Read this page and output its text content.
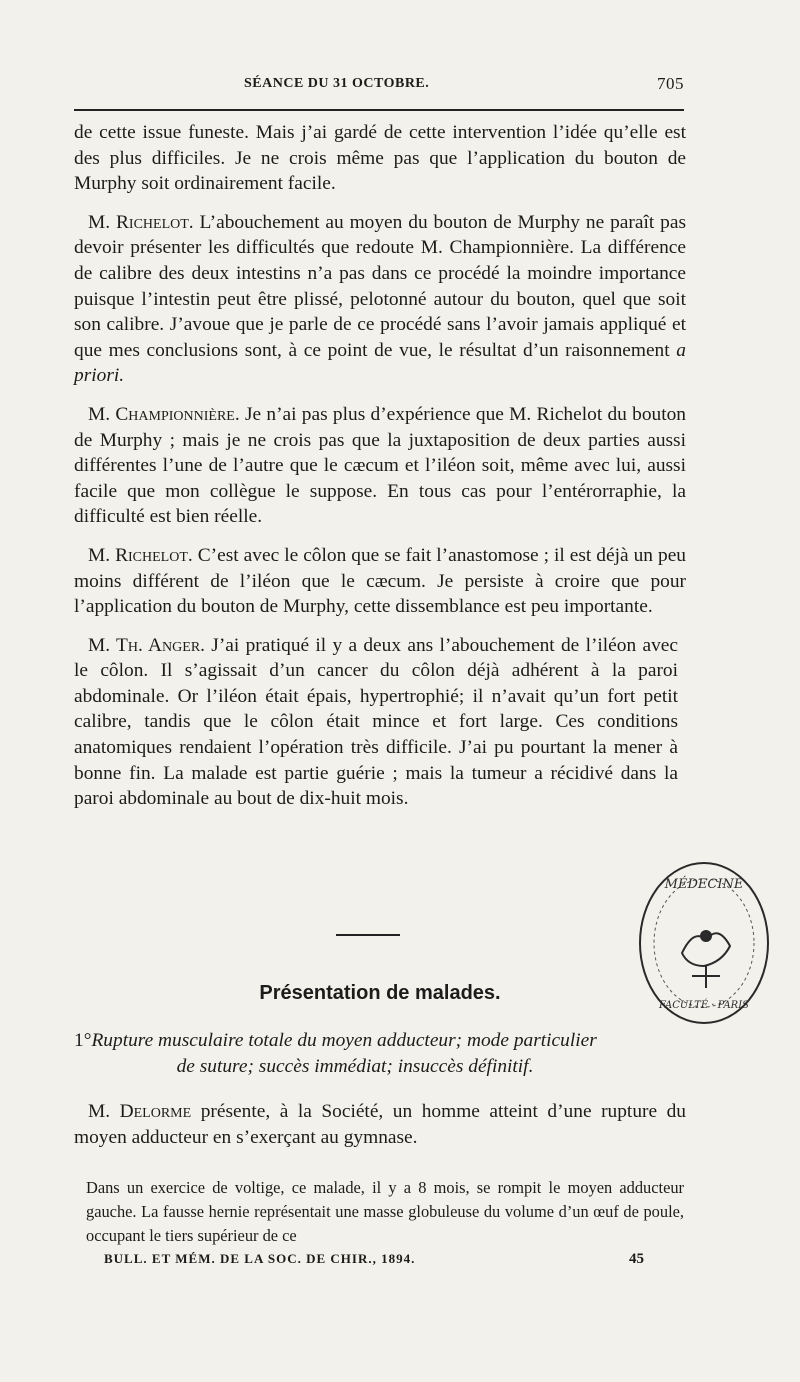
SÉANCE DU 31 OCTOBRE.	705

de cette issue funeste. Mais j’ai gardé de cette intervention l’idée qu’elle est des plus difficiles. Je ne crois même pas que l’application du bouton de Murphy soit ordinairement facile.

M. Richelot. L’abouchement au moyen du bouton de Murphy ne paraît pas devoir présenter les difficultés que redoute M. Championnière. La différence de calibre des deux intestins n’a pas dans ce procédé la moindre importance puisque l’intestin peut être plissé, pelotonné autour du bouton, quel que soit son calibre. J’avoue que je parle de ce procédé sans l’avoir jamais appliqué et que mes conclusions sont, à ce point de vue, le résultat d’un raisonnement a priori.

M. Championnière. Je n’ai pas plus d’expérience que M. Richelot du bouton de Murphy ; mais je ne crois pas que la juxtaposition de deux parties aussi différentes l’une de l’autre que le cæcum et l’iléon soit, même avec lui, aussi facile que mon collègue le suppose. En tous cas pour l’entérorraphie, la difficulté est bien réelle.

M. Richelot. C’est avec le côlon que se fait l’anastomose ; il est déjà un peu moins différent de l’iléon que le cæcum. Je persiste à croire que pour l’application du bouton de Murphy, cette dissemblance est peu importante.

M. Th. Anger. J’ai pratiqué il y a deux ans l’abouchement de l’iléon avec le côlon. Il s’agissait d’un cancer du côlon déjà adhérent à la paroi abdominale. Or l’iléon était épais, hypertrophié; il n’avait qu’un fort petit calibre, tandis que le côlon était mince et fort large. Ces conditions anatomiques rendaient l’opération très difficile. J’ai pu pourtant la mener à bonne fin. La malade est partie guérie ; mais la tumeur a récidivé dans la paroi abdominale au bout de dix-huit mois.

Présentation de malades.
1°Rupture musculaire totale du moyen adducteur; mode particulier
de suture; succès immédiat; insuccès définitif.
M. Delorme présente, à la Société, un homme atteint d’une rupture du moyen adducteur en s’exerçant au gymnase.
Dans un exercice de voltige, ce malade, il y a 8 mois, se rompit le moyen adducteur gauche. La fausse hernie représentait une masse globuleuse du volume d’un œuf de poule, occupant le tiers supérieur de ce
BULL. ET MÉM. DE LA SOC. DE CHIR., 1894.	45
MÉDECINE
FACULTÉ · PARIS
